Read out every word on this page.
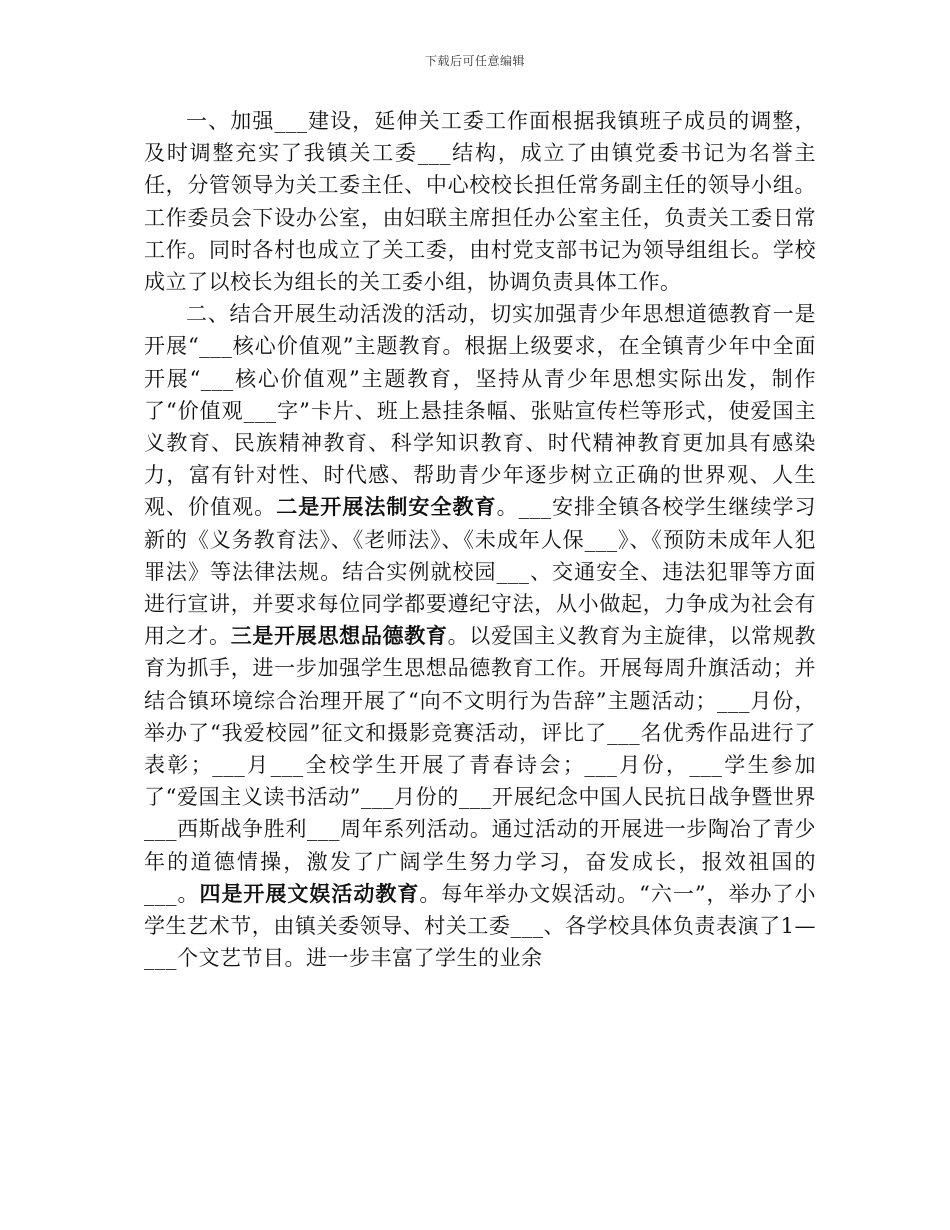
下载后可任意编辑

一、加强___建设，延伸关工委工作面根据我镇班子成员的调整，及时调整充实了我镇关工委___结构，成立了由镇党委书记为名誉主任，分管领导为关工委主任、中心校校长担任常务副主任的领导小组。工作委员会下设办公室，由妇联主席担任办公室主任，负责关工委日常工作。同时各村也成立了关工委，由村党支部书记为领导组组长。学校成立了以校长为组长的关工委小组，协调负责具体工作。

二、结合开展生动活泼的活动，切实加强青少年思想道德教育一是开展“___核心价值观”主题教育。根据上级要求，在全镇青少年中全面开展“___核心价值观”主题教育，坚持从青少年思想实际出发，制作了“价值观___字”卡片、班上悬挂条幅、张贴宣传栏等形式，使爱国主义教育、民族精神教育、科学知识教育、时代精神教育更加具有感染力，富有针对性、时代感、帮助青少年逐步树立正确的世界观、人生观、价值观。二是开展法制安全教育。___安排全镇各校学生继续学习新的《义务教育法》、《老师法》、《未成年人保___》、《预防未成年人犯罪法》等法律法规。结合实例就校园___、交通安全、违法犯罪等方面进行宣讲，并要求每位同学都要遵纪守法，从小做起，力争成为社会有用之才。三是开展思想品德教育。以爱国主义教育为主旋律，以常规教育为抓手，进一步加强学生思想品德教育工作。开展每周升旗活动；并结合镇环境综合治理开展了“向不文明行为告辞”主题活动；___月份，举办了“我爱校园”征文和摄影竞赛活动，评比了___名优秀作品进行了表彰；___月___全校学生开展了青春诗会；___月份，___学生参加了“爱国主义读书活动”___月份的___开展纪念中国人民抗日战争暨世界___西斯战争胜利___周年系列活动。通过活动的开展进一步陶冶了青少年的道德情操，激发了广阔学生努力学习，奋发成长，报效祖国的___。四是开展文娱活动教育。每年举办文娱活动。“六一”，举办了小学生艺术节，由镇关委领导、村关工委___、各学校具体负责表演了1—___个文艺节目。进一步丰富了学生的业余
